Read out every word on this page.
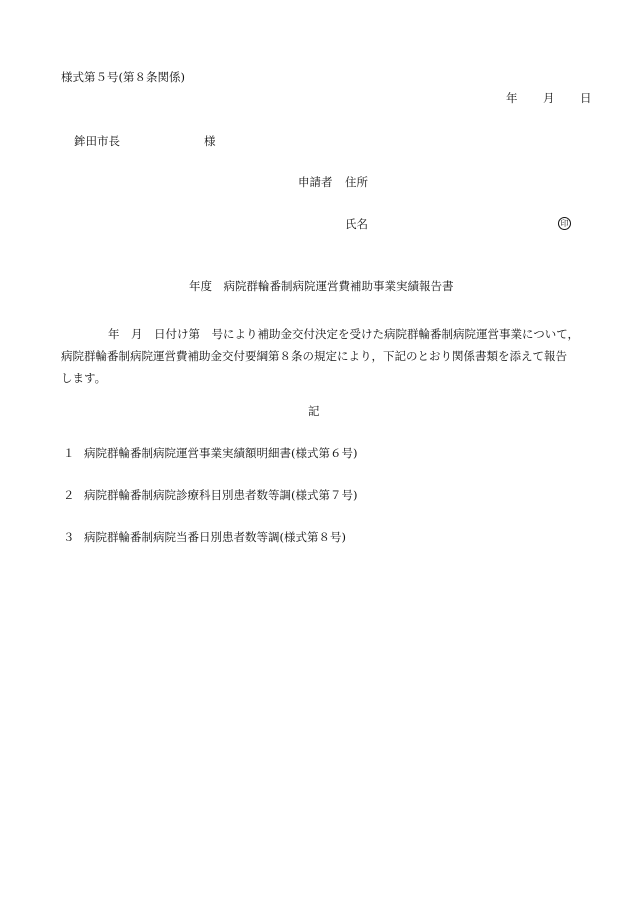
様式第５号(第８条関係)
年 月 日
鉾田市長	様
申請者 住所
氏名	印
年度　病院群輪番制病院運営費補助事業実績報告書
年　月　日付け第　号により補助金交付決定を受けた病院群輪番制病院運営事業について，
病院群輪番制病院運営費補助金交付要綱第８条の規定により，下記のとおり関係書類を添えて報告
します。
記
１ 病院群輪番制病院運営事業実績額明細書(様式第６号)
２ 病院群輪番制病院診療科目別患者数等調(様式第７号)
３ 病院群輪番制病院当番日別患者数等調(様式第８号)
